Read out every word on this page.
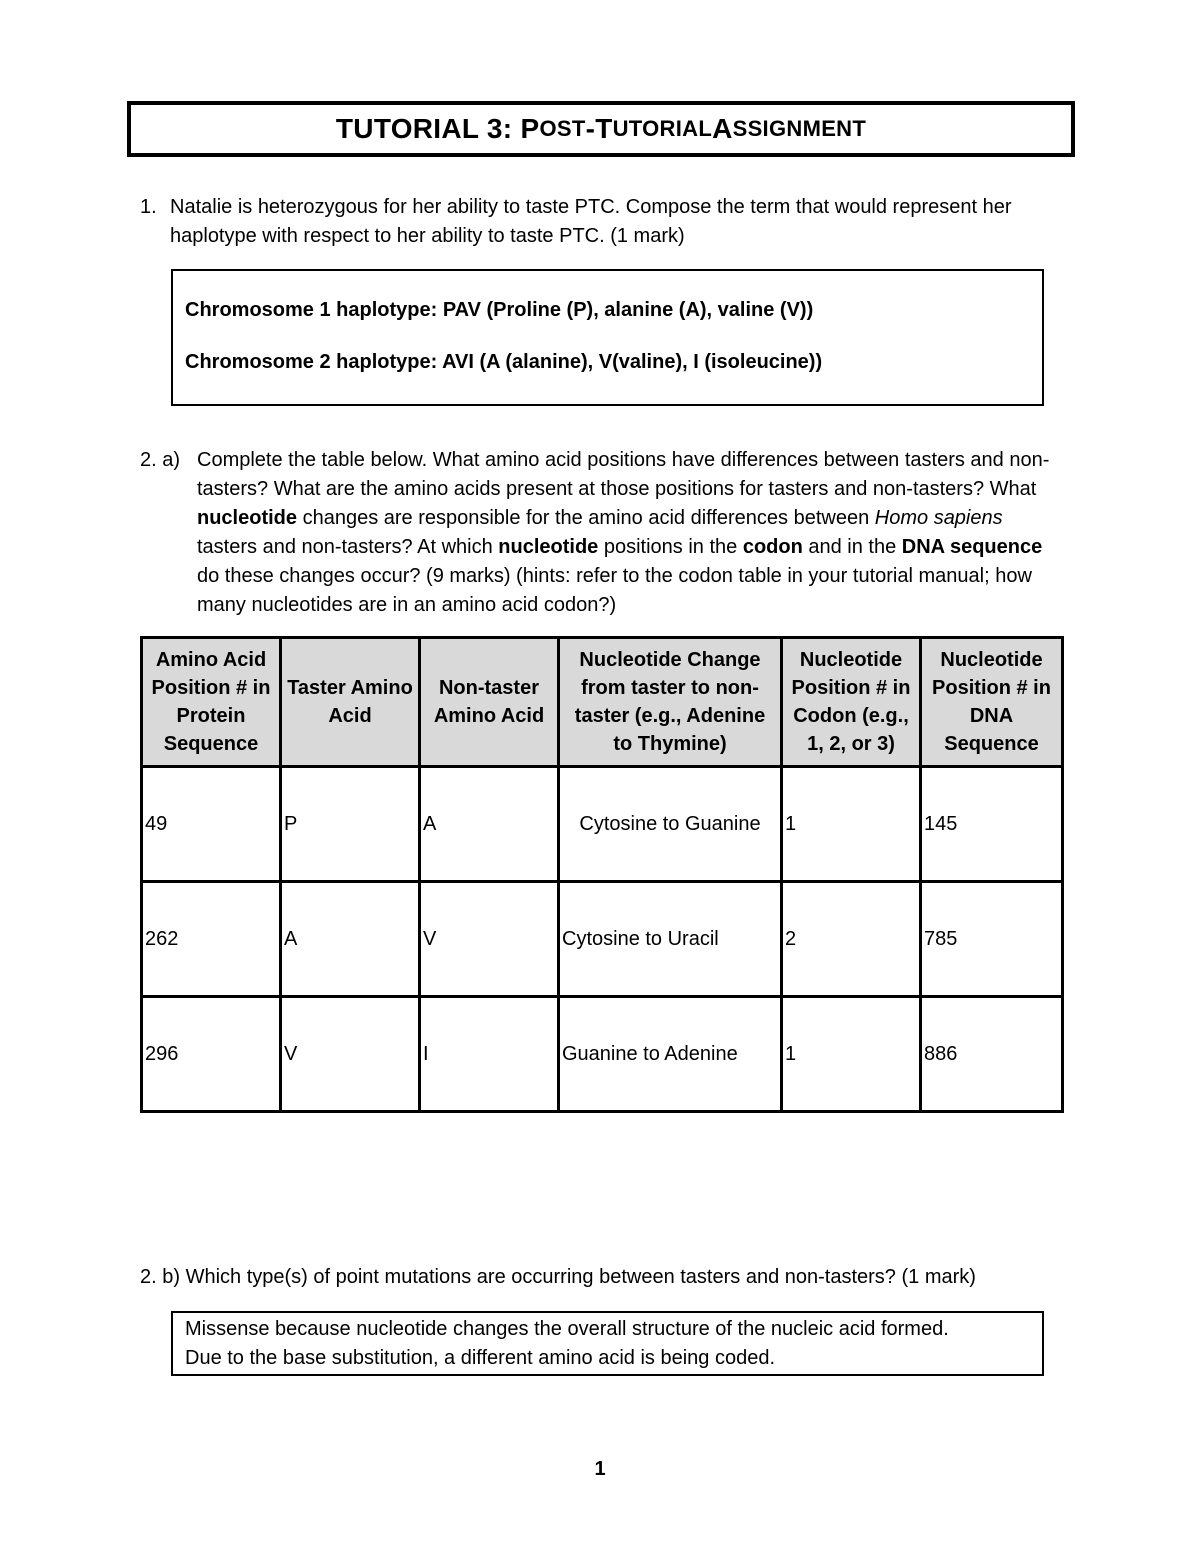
TUTORIAL 3: P OST -T UTORIAL A SSIGNMENT
1. Natalie is heterozygous for her ability to taste PTC. Compose the term that would represent her haplotype with respect to her ability to taste PTC. (1 mark)
Chromosome 1 haplotype: PAV (Proline (P), alanine (A), valine (V))
Chromosome 2 haplotype: AVI (A (alanine), V(valine), I (isoleucine))
2. a) Complete the table below. What amino acid positions have differences between tasters and non-tasters? What are the amino acids present at those positions for tasters and non-tasters? What nucleotide changes are responsible for the amino acid differences between Homo sapiens tasters and non-tasters? At which nucleotide positions in the codon and in the DNA sequence do these changes occur? (9 marks) (hints: refer to the codon table in your tutorial manual; how many nucleotides are in an amino acid codon?)
Amino Acid Position # in Protein Sequence	Taster Amino Acid	Non-taster Amino Acid	Nucleotide Change from taster to non-taster (e.g., Adenine to Thymine)	Nucleotide Position # in Codon (e.g., 1, 2, or 3)	Nucleotide Position # in DNA Sequence
49	P	A	Cytosine to Guanine	1	145
262	A	V	Cytosine to Uracil	2	785
296	V	I	Guanine to Adenine	1	886
2. b) Which type(s) of point mutations are occurring between tasters and non-tasters? (1 mark)
Missense because nucleotide changes the overall structure of the nucleic acid formed.
Due to the base substitution, a different amino acid is being coded.
1
